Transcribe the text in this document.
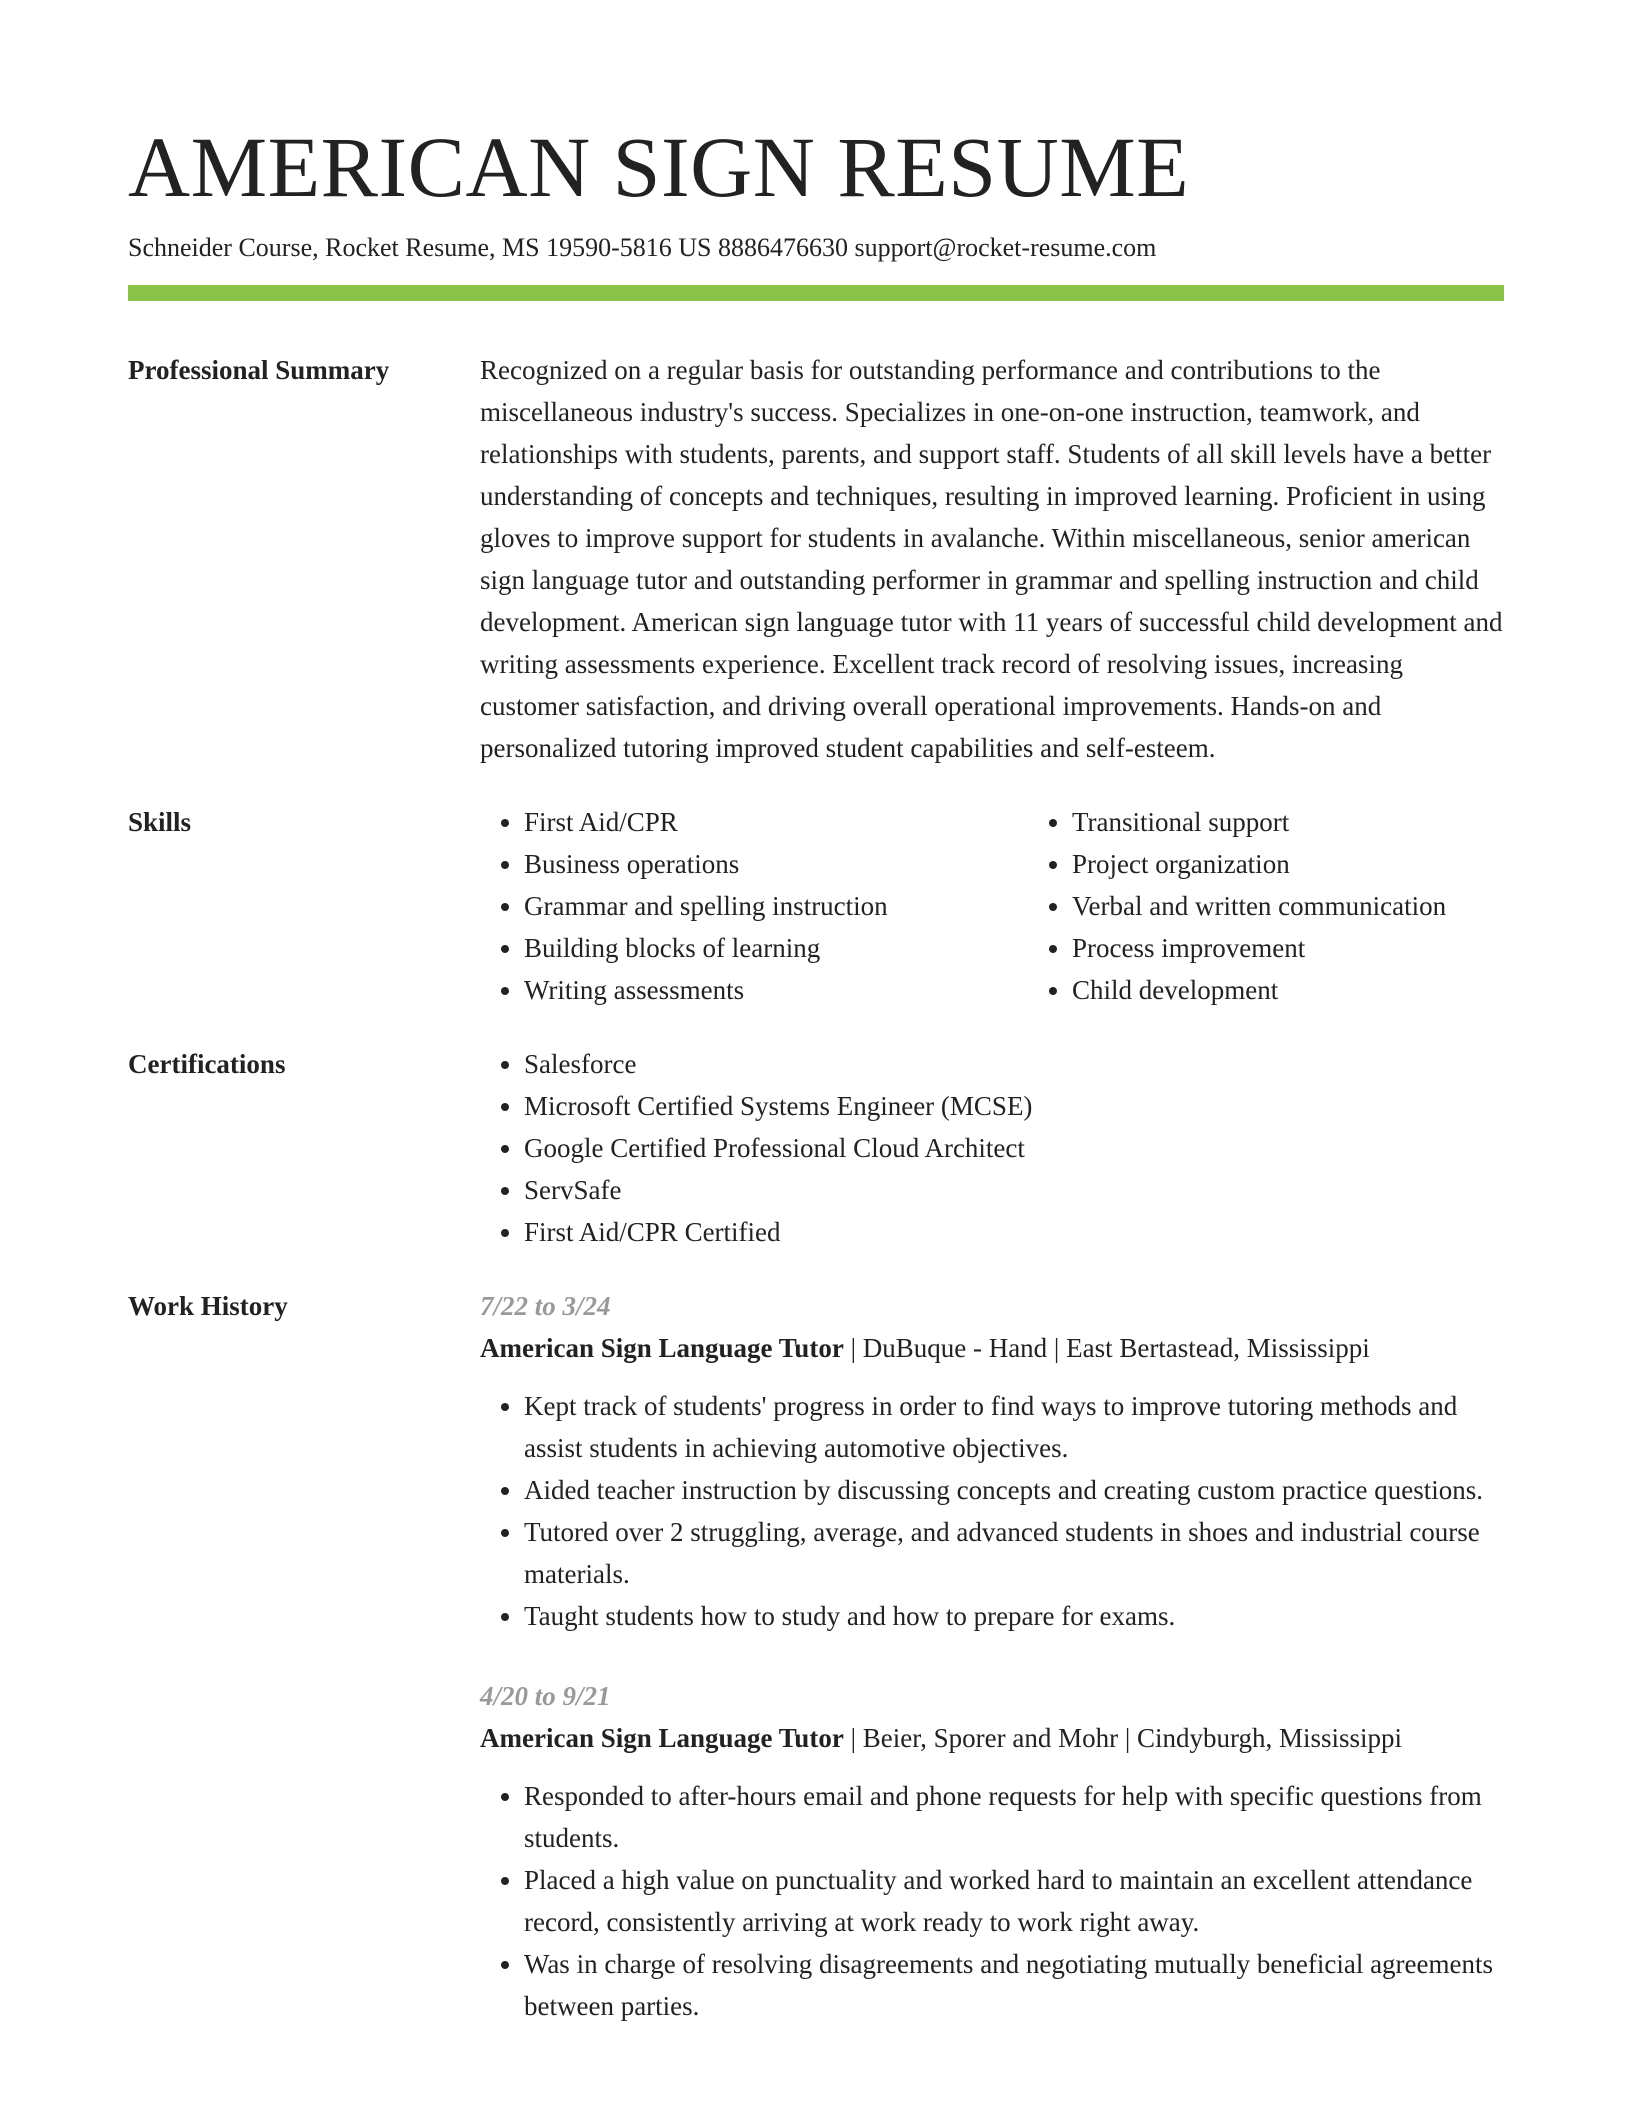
AMERICAN SIGN RESUME
Schneider Course, Rocket Resume, MS 19590-5816 US 8886476630 support@rocket-resume.com
Professional Summary	Recognized on a regular basis for outstanding performance and contributions to the miscellaneous industry's success. Specializes in one-on-one instruction, teamwork, and relationships with students, parents, and support staff. Students of all skill levels have a better understanding of concepts and techniques, resulting in improved learning. Proficient in using gloves to improve support for students in avalanche. Within miscellaneous, senior american sign language tutor and outstanding performer in grammar and spelling instruction and child development. American sign language tutor with 11 years of successful child development and writing assessments experience. Excellent track record of resolving issues, increasing customer satisfaction, and driving overall operational improvements. Hands-on and personalized tutoring improved student capabilities and self-esteem.

Skills	• First Aid/CPR
• Business operations
• Grammar and spelling instruction
• Building blocks of learning
• Writing assessments
• Transitional support
• Project organization
• Verbal and written communication
• Process improvement
• Child development
Certifications	• Salesforce
• Microsoft Certified Systems Engineer (MCSE)
• Google Certified Professional Cloud Architect
• ServSafe
• First Aid/CPR Certified
Work History	7/22 to 3/24
American Sign Language Tutor | DuBuque - Hand | East Bertastead, Mississippi
• Kept track of students' progress in order to find ways to improve tutoring methods and assist students in achieving automotive objectives.
• Aided teacher instruction by discussing concepts and creating custom practice questions.
• Tutored over 2 struggling, average, and advanced students in shoes and industrial course materials.
• Taught students how to study and how to prepare for exams.
4/20 to 9/21
American Sign Language Tutor | Beier, Sporer and Mohr | Cindyburgh, Mississippi
• Responded to after-hours email and phone requests for help with specific questions from students.
• Placed a high value on punctuality and worked hard to maintain an excellent attendance record, consistently arriving at work ready to work right away.
• Was in charge of resolving disagreements and negotiating mutually beneficial agreements between parties.
